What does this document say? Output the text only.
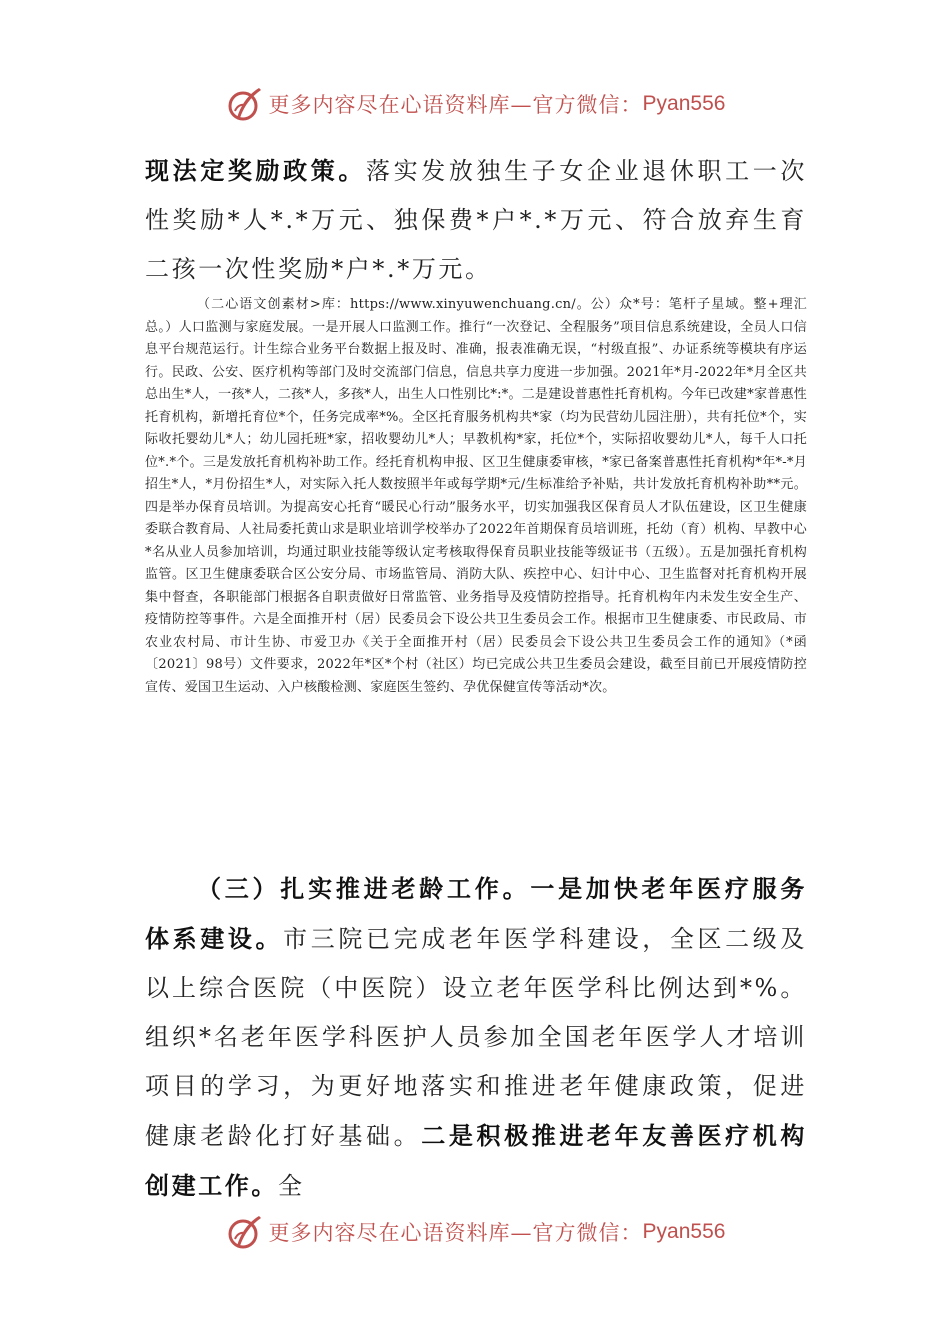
更多内容尽在心语资料库—官方微信： Pyan556

现法定奖励政策。落实发放独生子女企业退休职工一次性奖励*人*.*万元、独保费*户*.*万元、符合放弃生育二孩一次性奖励*户*.*万元。

（二心语文创素材>库：https://www.xinyuwenchuang.cn/。公）众*号：笔杆子星域。整+理汇总。）人口监测与家庭发展。一是开展人口监测工作。推行“一次登记、全程服务”项目信息系统建设，全员人口信息平台规范运行。计生综合业务平台数据上报及时、准确，报表准确无误，“村级直报”、办证系统等模块有序运行。民政、公安、医疗机构等部门及时交流部门信息，信息共享力度进一步加强。2021年*月-2022年*月全区共总出生*人，一孩*人，二孩*人，多孩*人，出生人口性别比*:*。二是建设普惠性托育机构。今年已改建*家普惠性托育机构，新增托育位*个，任务完成率*%。全区托育服务机构共*家（均为民营幼儿园注册），共有托位*个，实际收托婴幼儿*人；幼儿园托班*家，招收婴幼儿*人；早教机构*家，托位*个，实际招收婴幼儿*人，每千人口托位*.*个。三是发放托育机构补助工作。经托育机构申报、区卫生健康委审核，*家已备案普惠性托育机构*年*-*月招生*人，*月份招生*人，对实际入托人数按照半年或每学期*元/生标准给予补贴，共计发放托育机构补助**元。四是举办保育员培训。为提高安心托育“暖民心行动”服务水平，切实加强我区保育员人才队伍建设，区卫生健康委联合教育局、人社局委托黄山求是职业培训学校举办了2022年首期保育员培训班，托幼（育）机构、早教中心*名从业人员参加培训，均通过职业技能等级认定考核取得保育员职业技能等级证书（五级）。五是加强托育机构监管。区卫生健康委联合区公安分局、市场监管局、消防大队、疾控中心、妇计中心、卫生监督对托育机构开展集中督查，各职能部门根据各自职责做好日常监管、业务指导及疫情防控指导。托育机构年内未发生安全生产、疫情防控等事件。六是全面推开村（居）民委员会下设公共卫生委员会工作。根据市卫生健康委、市民政局、市农业农村局、市计生协、市爱卫办《关于全面推开村（居）民委员会下设公共卫生委员会工作的通知》（*函〔2021〕98号）文件要求，2022年*区*个村（社区）均已完成公共卫生委员会建设，截至目前已开展疫情防控宣传、爱国卫生运动、入户核酸检测、家庭医生签约、孕优保健宣传等活动*次。

（三）扎实推进老龄工作。一是加快老年医疗服务体系建设。市三院已完成老年医学科建设，全区二级及以上综合医院（中医院）设立老年医学科比例达到*%。组织*名老年医学科医护人员参加全国老年医学人才培训项目的学习，为更好地落实和推进老年健康政策，促进健康老龄化打好基础。二是积极推进老年友善医疗机构创建工作。全

更多内容尽在心语资料库—官方微信： Pyan556
